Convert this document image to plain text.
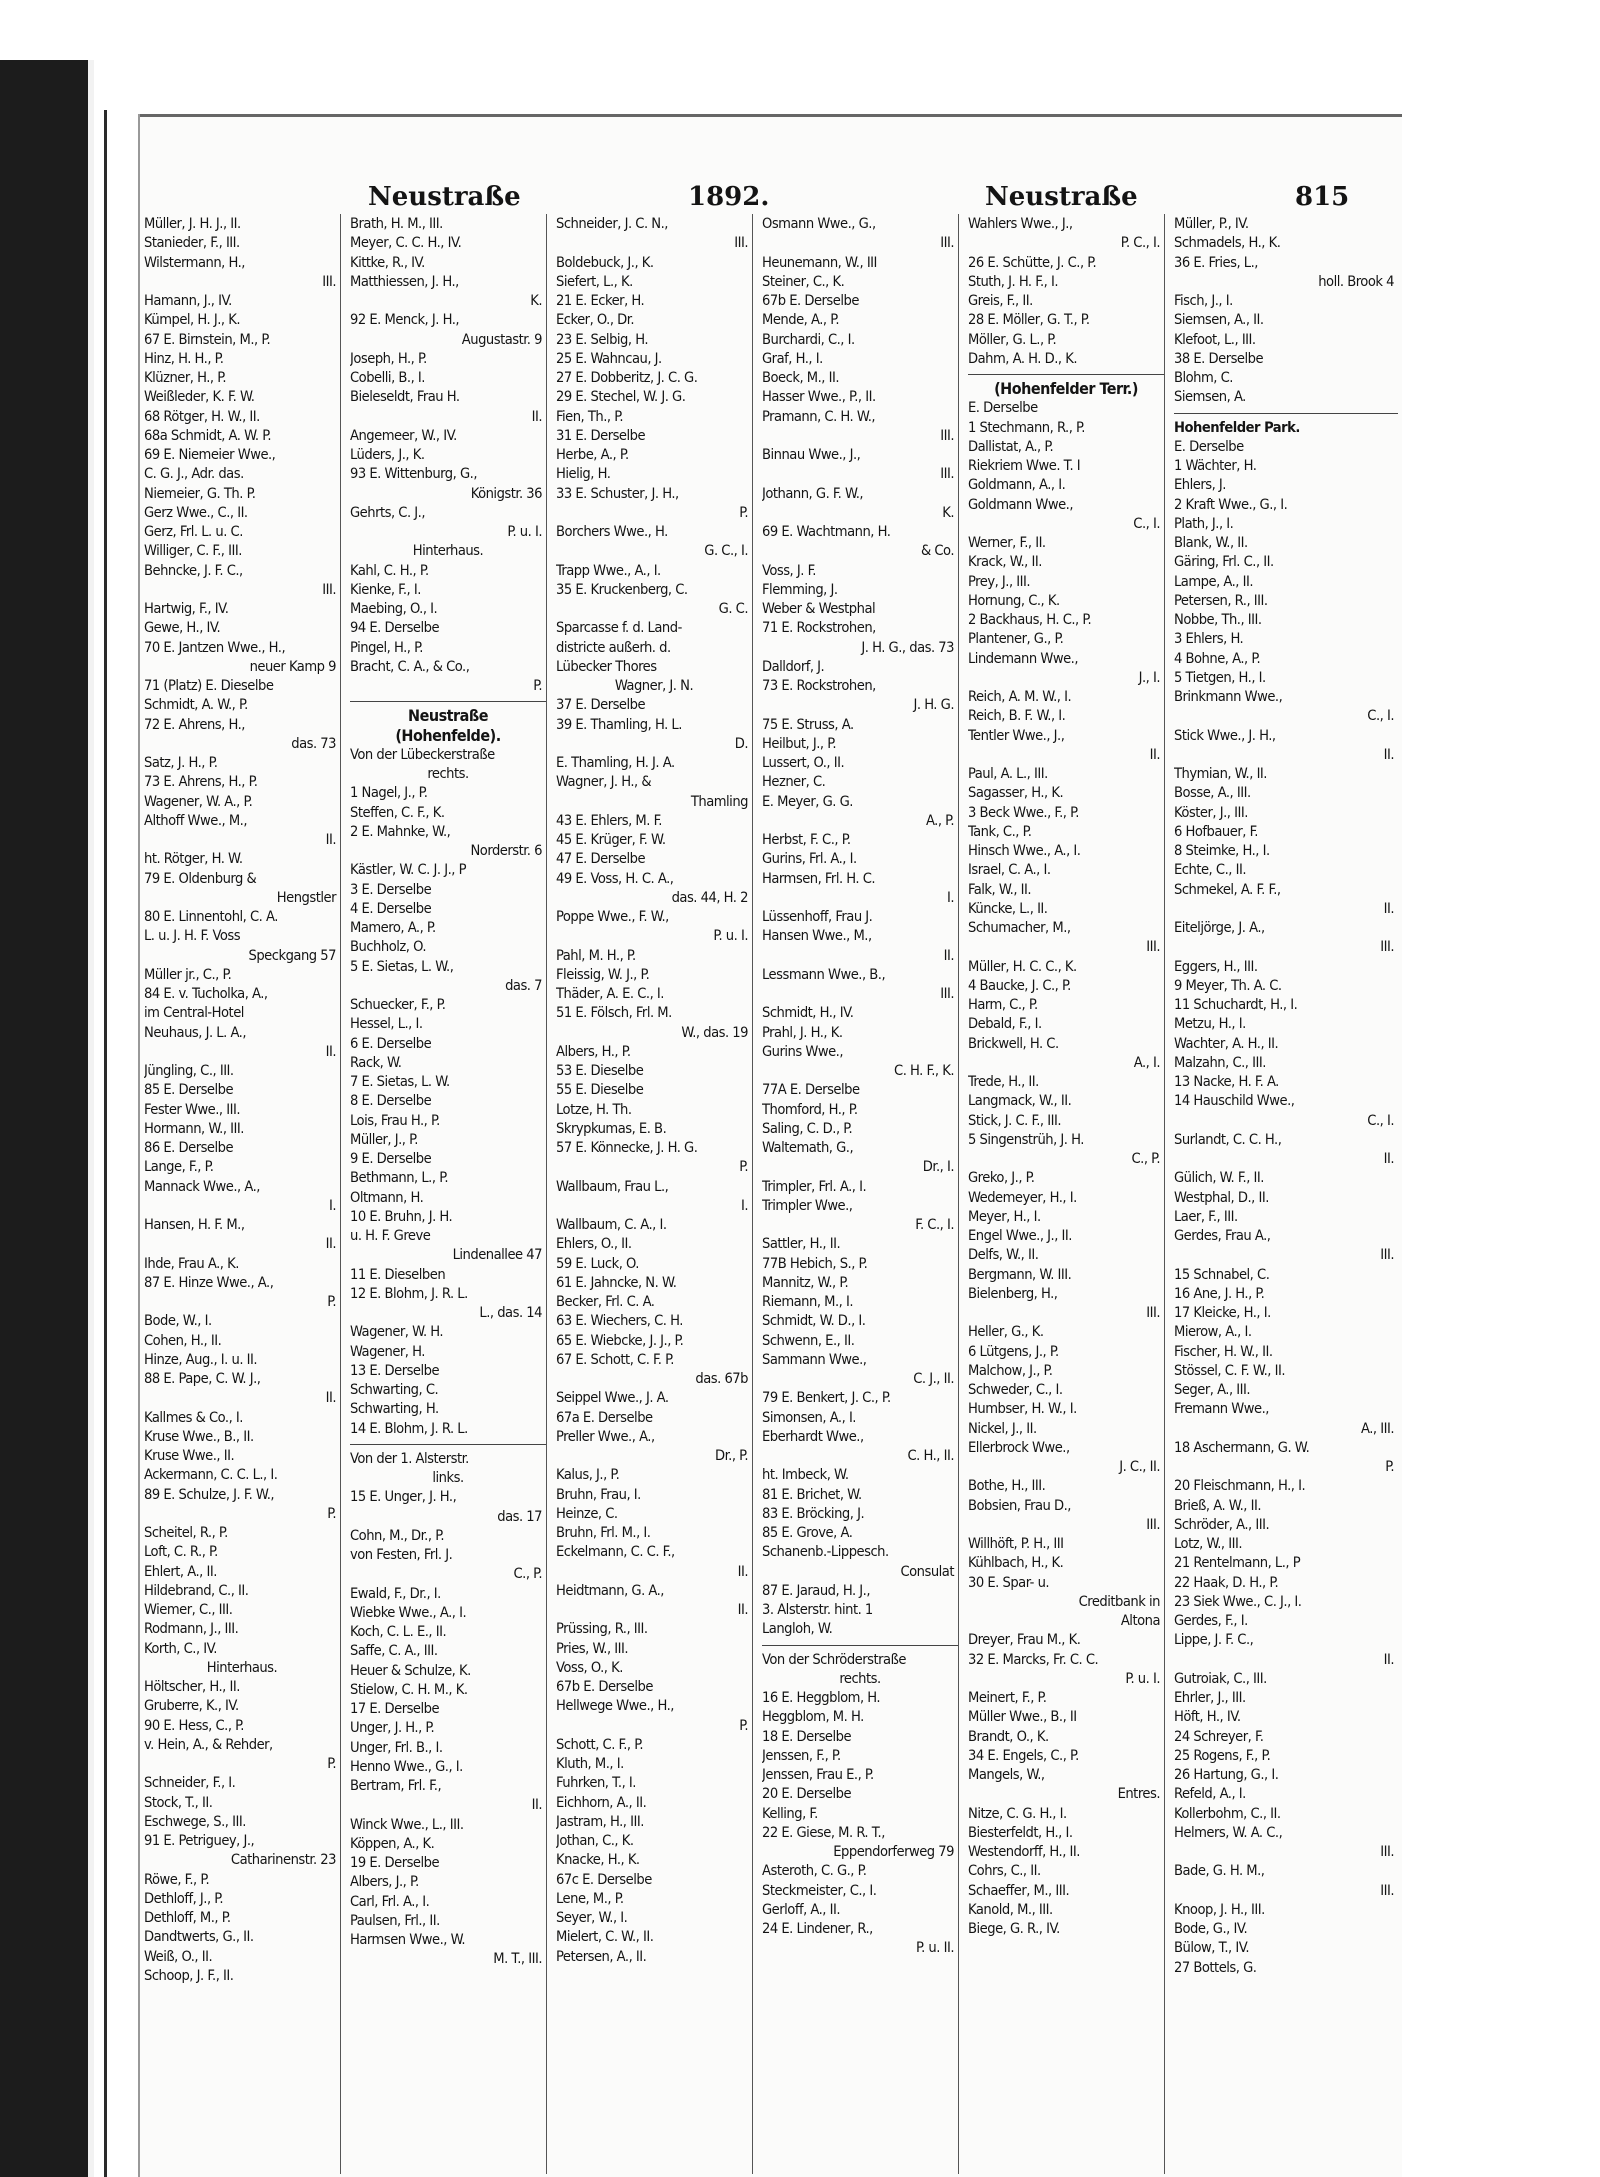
Neustraße	1892.	Neustraße	815
Müller, J. H. J., II.
Stanieder, F., III.
Wilstermann, H.,
III.
Hamann, J., IV.
Kümpel, H. J., K.
67 E. Birnstein, M., P.
Hinz, H. H., P.
Klüzner, H., P.
Weißleder, K. F. W.
68 Rötger, H. W., II.
68a Schmidt, A. W. P.
69 E. Niemeier Wwe.,
C. G. J., Adr. das.
Niemeier, G. Th. P.
Gerz Wwe., C., II.
Gerz, Frl. L. u. C.
Williger, C. F., III.
Behncke, J. F. C.,
III.
Hartwig, F., IV.
Gewe, H., IV.
70 E. Jantzen Wwe., H.,
neuer Kamp 9
71 (Platz) E. Dieselbe
Schmidt, A. W., P.
72 E. Ahrens, H.,
das. 73
Satz, J. H., P.
73 E. Ahrens, H., P.
Wagener, W. A., P.
Althoff Wwe., M.,
II.
ht. Rötger, H. W.
79 E. Oldenburg &
Hengstler
80 E. Linnentohl, C. A.
L. u. J. H. F. Voss
Speckgang 57
Müller jr., C., P.
84 E. v. Tucholka, A.,
im Central-Hotel
Neuhaus, J. L. A.,
II.
Jüngling, C., III.
85 E. Derselbe
Fester Wwe., III.
Hormann, W., III.
86 E. Derselbe
Lange, F., P.
Mannack Wwe., A.,
I.
Hansen, H. F. M.,
II.
Ihde, Frau A., K.
87 E. Hinze Wwe., A.,
P.
Bode, W., I.
Cohen, H., II.
Hinze, Aug., I. u. II.
88 E. Pape, C. W. J.,
II.
Kallmes & Co., I.
Kruse Wwe., B., II.
Kruse Wwe., II.
Ackermann, C. C. L., I.
89 E. Schulze, J. F. W.,
P.
Scheitel, R., P.
Loft, C. R., P.
Ehlert, A., II.
Hildebrand, C., II.
Wiemer, C., III.
Rodmann, J., III.
Korth, C., IV.
Hinterhaus.
Höltscher, H., II.
Gruberre, K., IV.
90 E. Hess, C., P.
v. Hein, A., & Rehder,
P.
Schneider, F., I.
Stock, T., II.
Eschwege, S., III.
91 E. Petriguey, J.,
Catharinenstr. 23
Röwe, F., P.
Dethloff, J., P.
Dethloff, M., P.
Dandtwerts, G., II.
Weiß, O., II.
Schoop, J. F., II.
Brath, H. M., III.
Meyer, C. C. H., IV.
Kittke, R., IV.
Matthiessen, J. H.,
K.
92 E. Menck, J. H.,
Augustastr. 9
Joseph, H., P.
Cobelli, B., I.
Bieleseldt, Frau H.
II.
Angemeer, W., IV.
Lüders, J., K.
93 E. Wittenburg, G.,
Königstr. 36
Gehrts, C. J.,
P. u. I.
Hinterhaus.
Kahl, C. H., P.
Kienke, F., I.
Maebing, O., I.
94 E. Derselbe
Pingel, H., P.
Bracht, C. A., & Co.,
P.
Neustraße
(Hohenfelde).
Von der Lübeckerstraße
rechts.
1 Nagel, J., P.
Steffen, C. F., K.
2 E. Mahnke, W.,
Norderstr. 6
Kästler, W. C. J. J., P
3 E. Derselbe
4 E. Derselbe
Mamero, A., P.
Buchholz, O.
5 E. Sietas, L. W.,
das. 7
Schuecker, F., P.
Hessel, L., I.
6 E. Derselbe
Rack, W.
7 E. Sietas, L. W.
8 E. Derselbe
Lois, Frau H., P.
Müller, J., P.
9 E. Derselbe
Bethmann, L., P.
Oltmann, H.
10 E. Bruhn, J. H.
u. H. F. Greve
Lindenallee 47
11 E. Dieselben
12 E. Blohm, J. R. L.
L., das. 14
Wagener, W. H.
Wagener, H.
13 E. Derselbe
Schwarting, C.
Schwarting, H.
14 E. Blohm, J. R. L.
Von der 1. Alsterstr.
links.
15 E. Unger, J. H.,
das. 17
Cohn, M., Dr., P.
von Festen, Frl. J.
C., P.
Ewald, F., Dr., I.
Wiebke Wwe., A., I.
Koch, C. L. E., II.
Saffe, C. A., III.
Heuer & Schulze, K.
Stielow, C. H. M., K.
17 E. Derselbe
Unger, J. H., P.
Unger, Frl. B., I.
Henno Wwe., G., I.
Bertram, Frl. F.,
II.
Winck Wwe., L., III.
Köppen, A., K.
19 E. Derselbe
Albers, J., P.
Carl, Frl. A., I.
Paulsen, Frl., II.
Harmsen Wwe., W.
M. T., III.
Schneider, J. C. N.,
III.
Boldebuck, J., K.
Siefert, L., K.
21 E. Ecker, H.
Ecker, O., Dr.
23 E. Selbig, H.
25 E. Wahncau, J.
27 E. Dobberitz, J. C. G.
29 E. Stechel, W. J. G.
Fien, Th., P.
31 E. Derselbe
Herbe, A., P.
Hielig, H.
33 E. Schuster, J. H.,
P.
Borchers Wwe., H.
G. C., I.
Trapp Wwe., A., I.
35 E. Kruckenberg, C.
G. C.
Sparcasse f. d. Land-
districte außerh. d.
Lübecker Thores
Wagner, J. N.
37 E. Derselbe
39 E. Thamling, H. L.
D.
E. Thamling, H. J. A.
Wagner, J. H., &
Thamling
43 E. Ehlers, M. F.
45 E. Krüger, F. W.
47 E. Derselbe
49 E. Voss, H. C. A.,
das. 44, H. 2
Poppe Wwe., F. W.,
P. u. I.
Pahl, M. H., P.
Fleissig, W. J., P.
Thäder, A. E. C., I.
51 E. Fölsch, Frl. M.
W., das. 19
Albers, H., P.
53 E. Dieselbe
55 E. Dieselbe
Lotze, H. Th.
Skrypkumas, E. B.
57 E. Könnecke, J. H. G.
P.
Wallbaum, Frau L.,
I.
Wallbaum, C. A., I.
Ehlers, O., II.
59 E. Luck, O.
61 E. Jahncke, N. W.
Becker, Frl. C. A.
63 E. Wiechers, C. H.
65 E. Wiebcke, J. J., P.
67 E. Schott, C. F. P.
das. 67b
Seippel Wwe., J. A.
67a E. Derselbe
Preller Wwe., A.,
Dr., P.
Kalus, J., P.
Bruhn, Frau, I.
Heinze, C.
Bruhn, Frl. M., I.
Eckelmann, C. C. F.,
II.
Heidtmann, G. A.,
II.
Prüssing, R., III.
Pries, W., III.
Voss, O., K.
67b E. Derselbe
Hellwege Wwe., H.,
P.
Schott, C. F., P.
Kluth, M., I.
Fuhrken, T., I.
Eichhorn, A., II.
Jastram, H., III.
Jothan, C., K.
Knacke, H., K.
67c E. Derselbe
Lene, M., P.
Seyer, W., I.
Mielert, C. W., II.
Petersen, A., II.
Osmann Wwe., G.,
III.
Heunemann, W., III
Steiner, C., K.
67b E. Derselbe
Mende, A., P.
Burchardi, C., I.
Graf, H., I.
Boeck, M., II.
Hasser Wwe., P., II.
Pramann, C. H. W.,
III.
Binnau Wwe., J.,
III.
Jothann, G. F. W.,
K.
69 E. Wachtmann, H.
& Co.
Voss, J. F.
Flemming, J.
Weber & Westphal
71 E. Rockstrohen,
J. H. G., das. 73
Dalldorf, J.
73 E. Rockstrohen,
J. H. G.
75 E. Struss, A.
Heilbut, J., P.
Lussert, O., II.
Hezner, C.
E. Meyer, G. G.
A., P.
Herbst, F. C., P.
Gurins, Frl. A., I.
Harmsen, Frl. H. C.
I.
Lüssenhoff, Frau J.
Hansen Wwe., M.,
II.
Lessmann Wwe., B.,
III.
Schmidt, H., IV.
Prahl, J. H., K.
Gurins Wwe.,
C. H. F., K.
77A E. Derselbe
Thomford, H., P.
Saling, C. D., P.
Waltemath, G.,
Dr., I.
Trimpler, Frl. A., I.
Trimpler Wwe.,
F. C., I.
Sattler, H., II.
77B Hebich, S., P.
Mannitz, W., P.
Riemann, M., I.
Schmidt, W. D., I.
Schwenn, E., II.
Sammann Wwe.,
C. J., II.
79 E. Benkert, J. C., P.
Simonsen, A., I.
Eberhardt Wwe.,
C. H., II.
ht. Imbeck, W.
81 E. Brichet, W.
83 E. Bröcking, J.
85 E. Grove, A.
Schanenb.-Lippesch.
Consulat
87 E. Jaraud, H. J.,
3. Alsterstr. hint. 1
Langloh, W.
Von der Schröderstraße
rechts.
16 E. Heggblom, H.
Heggblom, M. H.
18 E. Derselbe
Jenssen, F., P.
Jenssen, Frau E., P.
20 E. Derselbe
Kelling, F.
22 E. Giese, M. R. T.,
Eppendorferweg 79
Asteroth, C. G., P.
Steckmeister, C., I.
Gerloff, A., II.
24 E. Lindener, R.,
P. u. II.
Wahlers Wwe., J.,
P. C., I.
26 E. Schütte, J. C., P.
Stuth, J. H. F., I.
Greis, F., II.
28 E. Möller, G. T., P.
Möller, G. L., P.
Dahm, A. H. D., K.
(Hohenfelder Terr.)
E. Derselbe
1 Stechmann, R., P.
Dallistat, A., P.
Riekriem Wwe. T. I
Goldmann, A., I.
Goldmann Wwe.,
C., I.
Werner, F., II.
Krack, W., II.
Prey, J., III.
Hornung, C., K.
2 Backhaus, H. C., P.
Plantener, G., P.
Lindemann Wwe.,
J., I.
Reich, A. M. W., I.
Reich, B. F. W., I.
Tentler Wwe., J.,
II.
Paul, A. L., III.
Sagasser, H., K.
3 Beck Wwe., F., P.
Tank, C., P.
Hinsch Wwe., A., I.
Israel, C. A., I.
Falk, W., II.
Küncke, L., II.
Schumacher, M.,
III.
Müller, H. C. C., K.
4 Baucke, J. C., P.
Harm, C., P.
Debald, F., I.
Brickwell, H. C.
A., I.
Trede, H., II.
Langmack, W., II.
Stick, J. C. F., III.
5 Singenstrüh, J. H.
C., P.
Greko, J., P.
Wedemeyer, H., I.
Meyer, H., I.
Engel Wwe., J., II.
Delfs, W., II.
Bergmann, W. III.
Bielenberg, H.,
III.
Heller, G., K.
6 Lütgens, J., P.
Malchow, J., P.
Schweder, C., I.
Humbser, H. W., I.
Nickel, J., II.
Ellerbrock Wwe.,
J. C., II.
Bothe, H., III.
Bobsien, Frau D.,
III.
Willhöft, P. H., III
Kühlbach, H., K.
30 E. Spar- u.
Creditbank in
Altona
Dreyer, Frau M., K.
32 E. Marcks, Fr. C. C.
P. u. I.
Meinert, F., P.
Müller Wwe., B., II
Brandt, O., K.
34 E. Engels, C., P.
Mangels, W.,
Entres.
Nitze, C. G. H., I.
Biesterfeldt, H., I.
Westendorff, H., II.
Cohrs, C., II.
Schaeffer, M., III.
Kanold, M., III.
Biege, G. R., IV.
Müller, P., IV.
Schmadels, H., K.
36 E. Fries, L.,
holl. Brook 4
Fisch, J., I.
Siemsen, A., II.
Klefoot, L., III.
38 E. Derselbe
Blohm, C.
Siemsen, A.
Hohenfelder Park.
E. Derselbe
1 Wächter, H.
Ehlers, J.
2 Kraft Wwe., G., I.
Plath, J., I.
Blank, W., II.
Gäring, Frl. C., II.
Lampe, A., II.
Petersen, R., III.
Nobbe, Th., III.
3 Ehlers, H.
4 Bohne, A., P.
5 Tietgen, H., I.
Brinkmann Wwe.,
C., I.
Stick Wwe., J. H.,
II.
Thymian, W., II.
Bosse, A., III.
Köster, J., III.
6 Hofbauer, F.
8 Steimke, H., I.
Echte, C., II.
Schmekel, A. F. F.,
II.
Eiteljörge, J. A.,
III.
Eggers, H., III.
9 Meyer, Th. A. C.
11 Schuchardt, H., I.
Metzu, H., I.
Wachter, A. H., II.
Malzahn, C., III.
13 Nacke, H. F. A.
14 Hauschild Wwe.,
C., I.
Surlandt, C. C. H.,
II.
Gülich, W. F., II.
Westphal, D., II.
Laer, F., III.
Gerdes, Frau A.,
III.
15 Schnabel, C.
16 Ane, J. H., P.
17 Kleicke, H., I.
Mierow, A., I.
Fischer, H. W., II.
Stössel, C. F. W., II.
Seger, A., III.
Fremann Wwe.,
A., III.
18 Aschermann, G. W.
P.
20 Fleischmann, H., I.
Brieß, A. W., II.
Schröder, A., III.
Lotz, W., III.
21 Rentelmann, L., P
22 Haak, D. H., P.
23 Siek Wwe., C. J., I.
Gerdes, F., I.
Lippe, J. F. C.,
II.
Gutroiak, C., III.
Ehrler, J., III.
Höft, H., IV.
24 Schreyer, F.
25 Rogens, F., P.
26 Hartung, G., I.
Refeld, A., I.
Kollerbohm, C., II.
Helmers, W. A. C.,
III.
Bade, G. H. M.,
III.
Knoop, J. H., III.
Bode, G., IV.
Bülow, T., IV.
27 Bottels, G.
